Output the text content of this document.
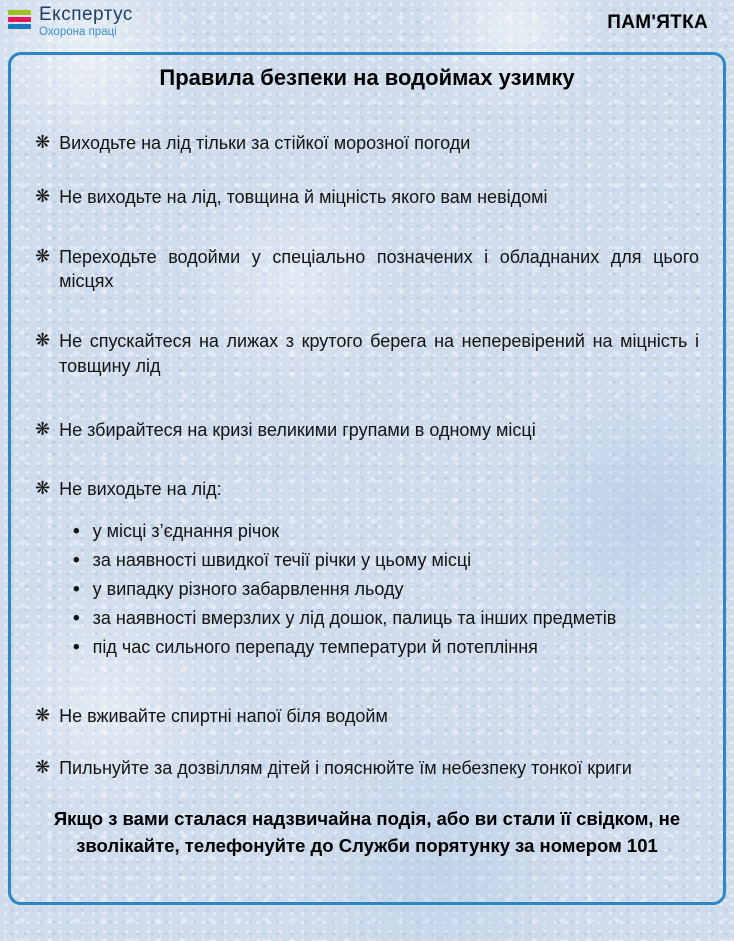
Експертус
Охорона праці	ПАМ'ЯТКА
Правила безпеки на водоймах узимку
❋ Виходьте на лід тільки за стійкої морозної погоди
❋ Не виходьте на лід, товщина й міцність якого вам невідомі
❋ Переходьте водойми у спеціально позначених і обладнаних для цього місцях
❋ Не спускайтеся на лижах з крутого берега на неперевірений на міцність і товщину лід
❋ Не збирайтеся на кризі великими групами в одному місці
❋ Не виходьте на лід:
• у місці з’єднання річок
• за наявності швидкої течії річки у цьому місці
• у випадку різного забарвлення льоду
• за наявності вмерзлих у лід дошок, палиць та інших предметів
• під час сильного перепаду температури й потепління
❋ Не вживайте спиртні напої біля водойм
❋ Пильнуйте за дозвіллям дітей і пояснюйте їм небезпеку тонкої криги
Якщо з вами сталася надзвичайна подія, або ви стали її свідком, не зволікайте, телефонуйте до Служби порятунку за номером 101
